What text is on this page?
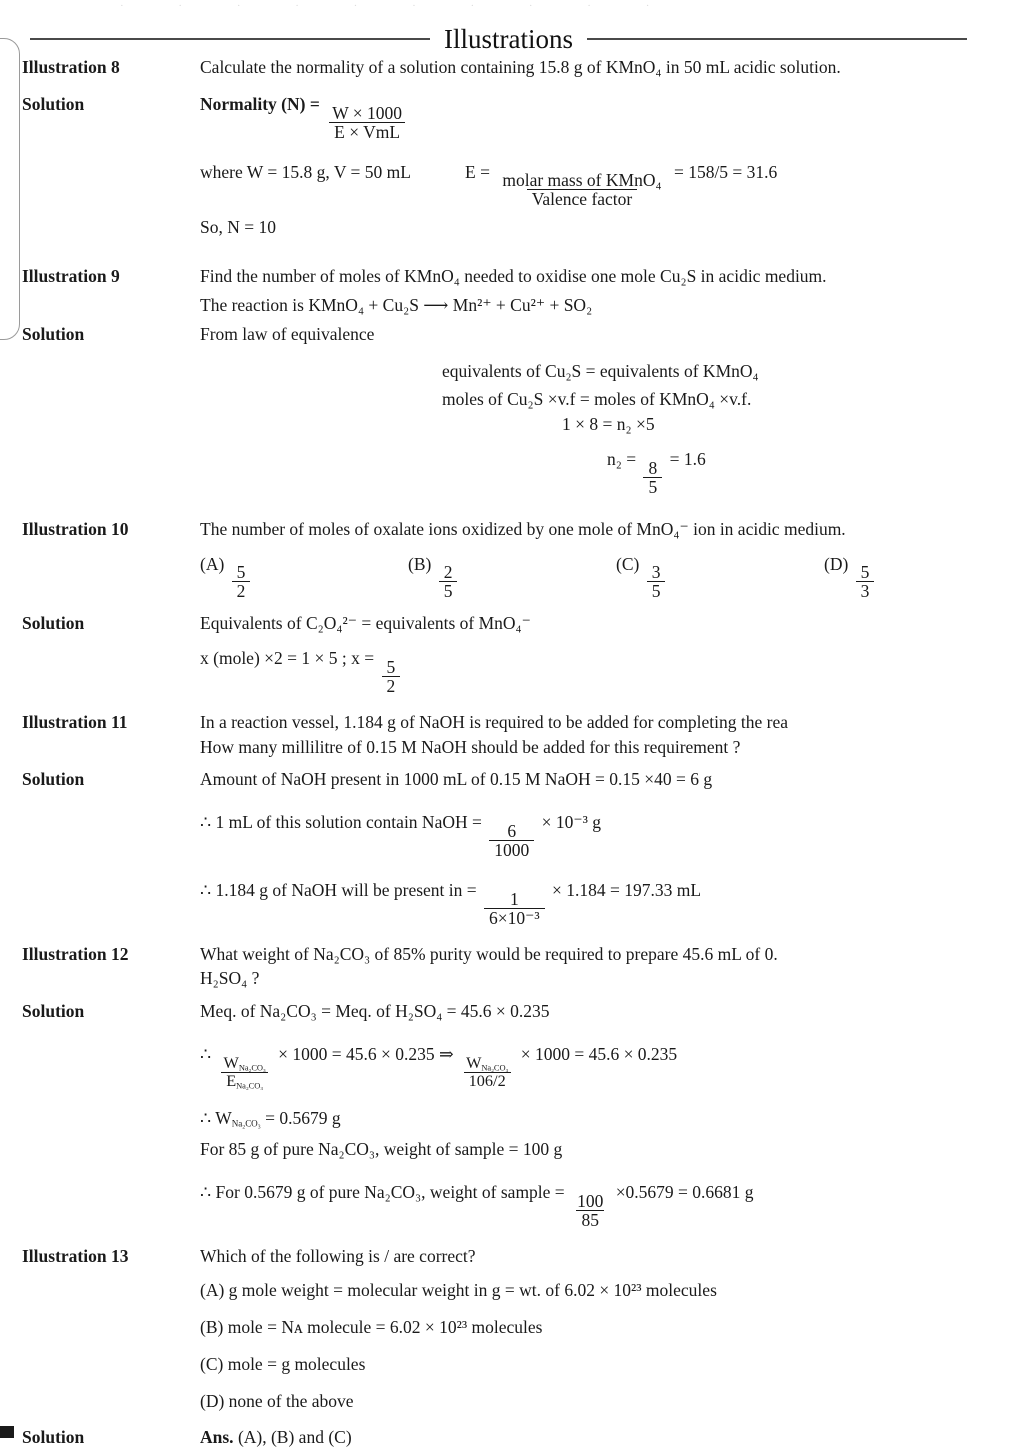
· · · · · · · · · ·
Illustrations
Illustration 8	Calculate the normality of a solution containing 15.8 g of KMnO₄ in 50 mL acidic solution.
Solution	Normality $(N) = \frac{W \times 1000}{\text{E × VmL}}$
where W = 15.8 g, V = 50 mL	$E = \frac{\text{molar mass of KMnO₄}}{\text{Valence factor}} = 158/5 = 31.6$
So, N = 10
Illustration 9	Find the number of moles of KMnO₄ needed to oxidise one mole Cu₂S in acidic medium.
The reaction is KMnO₄ + Cu₂S ⟶ Mn²⁺ + Cu²⁺ + SO₂
Solution	From law of equivalence
equivalents of Cu₂S = equivalents of KMnO₄
moles of Cu₂S ×v.f = moles of KMnO₄ ×v.f.
1 × 8 = n₂ ×5
$n_2 = \frac{8}{5} = 1.6$
Illustration 10	The number of moles of oxalate ions oxidized by one mole of MnO₄⁻ ion in acidic medium.
$(A) \frac{5}{2}$	$(B) \frac{2}{5}$	$(C) \frac{3}{5}$	$(D) \frac{5}{3}$
Solution	Equivalents of C₂O₄²⁻ = equivalents of MnO₄⁻
x (mole) ×2 = 1 × 5 ; $x = \frac{5}{2}$
Illustration 11	In a reaction vessel, 1.184 g of NaOH is required to be added for completing the rea
How many millilitre of 0.15 M NaOH should be added for this requirement ?
Solution	Amount of NaOH present in 1000 mL of 0.15 M NaOH = 0.15 ×40 = 6 g
∴ 1 mL of this solution contain NaOH = $\frac{6}{1000} \times 10^{-3}$ g
∴ 1.184 g of NaOH will be present in = $\frac{1}{\text{6×10⁻³}} \times 1.184 = 197.33$ mL
Illustration 12	What weight of Na₂CO₃ of 85% purity would be required to prepare 45.6 mL of 0.
H₂SO₄ ?
Solution	Meq. of Na₂CO₃ = Meq. of H₂SO₄ = 45.6 × 0.235
∴
$\frac{\text{WNa₂CO₃}}{\text{ENa₂CO₃}}$
× 1000 = 45.6 × 0.235 ⇒
$\frac{\text{WNa₂CO₃}}{106/2}$
× 1000 = 45.6 × 0.235
∴ WNa₂CO₃ = 0.5679 g
For 85 g of pure Na₂CO₃, weight of sample = 100 g
∴ For 0.5679 g of pure Na₂CO₃, weight of sample = $\frac{100}{85} \times 0.5679 = 0.6681$ g
Illustration 13	Which of the following is / are correct?
(A) g mole weight = molecular weight in g = wt. of 6.02 × 10²³ molecules
(B) mole = Nᴀ molecule = 6.02 × 10²³ molecules
(C) mole = g molecules
(D) none of the above
Solution	Ans. (A), (B) and (C)
